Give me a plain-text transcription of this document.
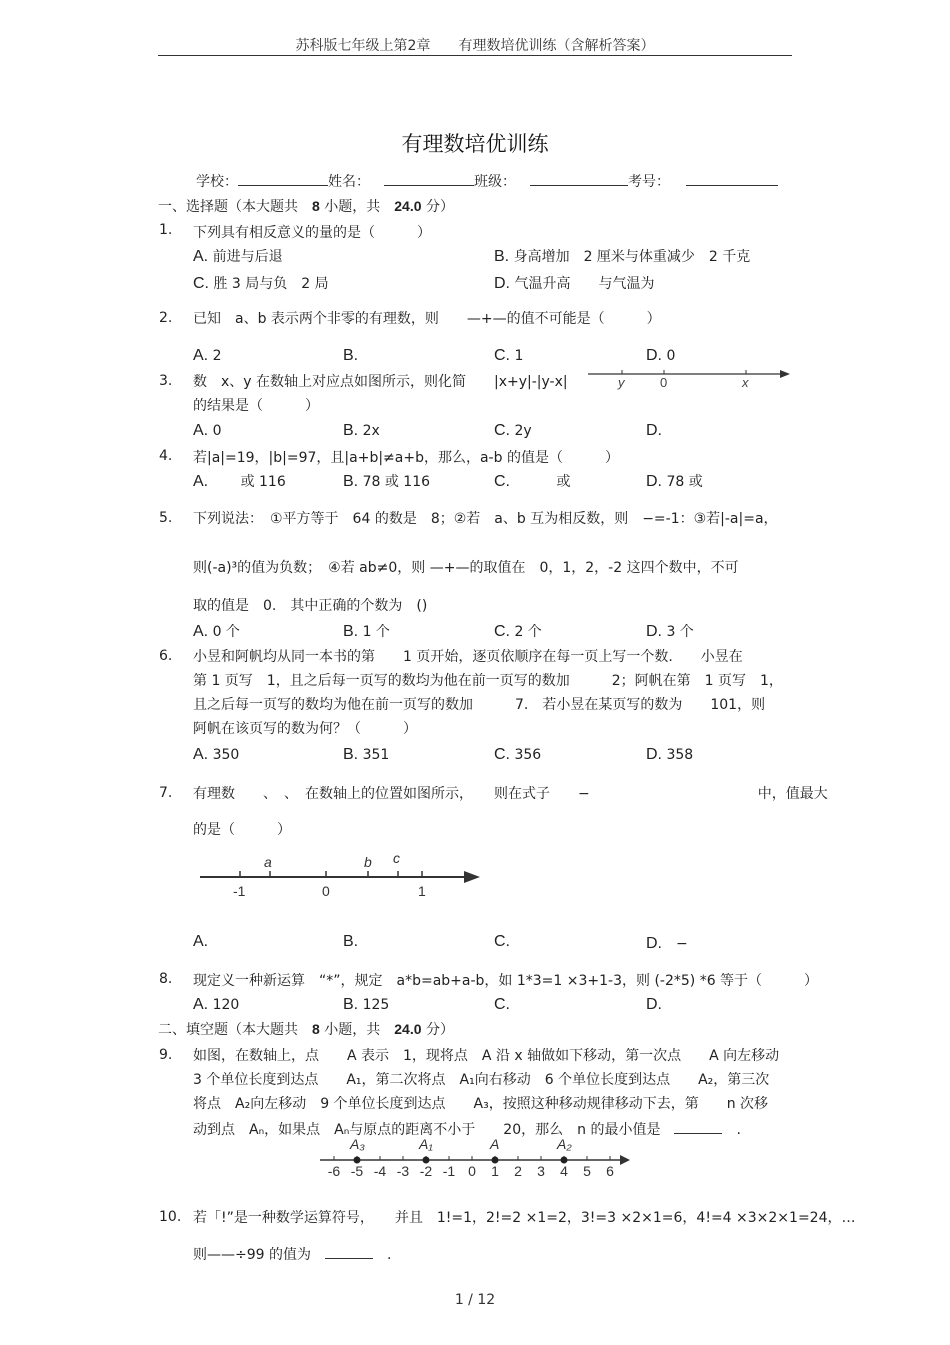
苏科版七年级上第2章　　有理数培优训练（含解析答案）
有理数培优训练
学校：	姓名：	班级：	考号：
一、选择题（本大题共　 8 小题，共　 24.0 分）
1. 下列具有相反意义的量的是（　　　）
A. 前进与后退	B. 身高增加　2 厘米与体重减少　2 千克
C. 胜 3 局与负　2 局	D. 气温升高　　与气温为
2. 已知　a、b 表示两个非零的有理数，则　　—+—的值不可能是（　　　）
A. 2	B.	C. 1	D. 0
3. 数　x、y 在数轴上对应点如图所示，则化简　　|x+y|-|y-x|
的结果是（　　　）
y	0	x
A. 0	B. 2x	C. 2y	D.
4. 若|a|=19，|b|=97，且|a+b|≠a+b，那么，a-b 的值是（　　　）
A. 　　或 116	B. 78 或 116	C. 　　　或	D. 78 或
5. 下列说法：　①平方等于　64 的数是　8；②若　a、b 互为相反数，则　−=-1：③若|-a|=a，
则(-a)³的值为负数；　④若 ab≠0，则 —+—的取值在　0，1，2，-2 这四个数中，不可
取的值是　0.　其中正确的个数为　()
A. 0 个	B. 1 个	C. 2 个	D. 3 个
6. 小昱和阿帆均从同一本书的第　　1 页开始，逐页依顺序在每一页上写一个数.　　小昱在
第 1 页写　1，且之后每一页写的数均为他在前一页写的数加　　　2；阿帆在第　1 页写　1，
且之后每一页写的数均为他在前一页写的数加　　　7.　若小昱在某页写的数为　　101，则
阿帆在该页写的数为何？（　　　）
A. 350	B. 351	C. 356	D. 358
7. 有理数　　、　、　在数轴上的位置如图所示，　　则在式子　　−　　　　　　　　　　　　中，值最大
的是（　　　）
a	b c
-1	0	1
A.	B.	C.	D.　 −
8. 现定义一种新运算　“*”，规定　a*b=ab+a-b，如 1*3=1 ×3+1-3，则 (-2*5) *6 等于（　　　）
A. 120	B. 125	C.	D.
二、填空题（本大题共　 8 小题，共　 24.0 分）
9. 如图，在数轴上，点　　A 表示　1，现将点　A 沿 x 轴做如下移动，第一次点　　A 向左移动
3 个单位长度到达点　　A₁，第二次将点　A₁向右移动　6 个单位长度到达点　　A₂，第三次
将点　A₂向左移动　9 个单位长度到达点　　A₃，按照这种移动规律移动下去，第　　n 次移
动到点　Aₙ，如果点　Aₙ与原点的距离不小于　　20，那么　n 的最小值是　　	.
-6 -5 -4 -3 -2 -1 0 1 2 3 4 5 6
A₃	A₁	A	A₂
10. 若「!”是一种数学运算符号，　　并且　1!=1，2!=2 ×1=2，3!=3 ×2×1=6，4!=4 ×3×2×1=24，…
则——÷99 的值为　　	.
1 / 12
